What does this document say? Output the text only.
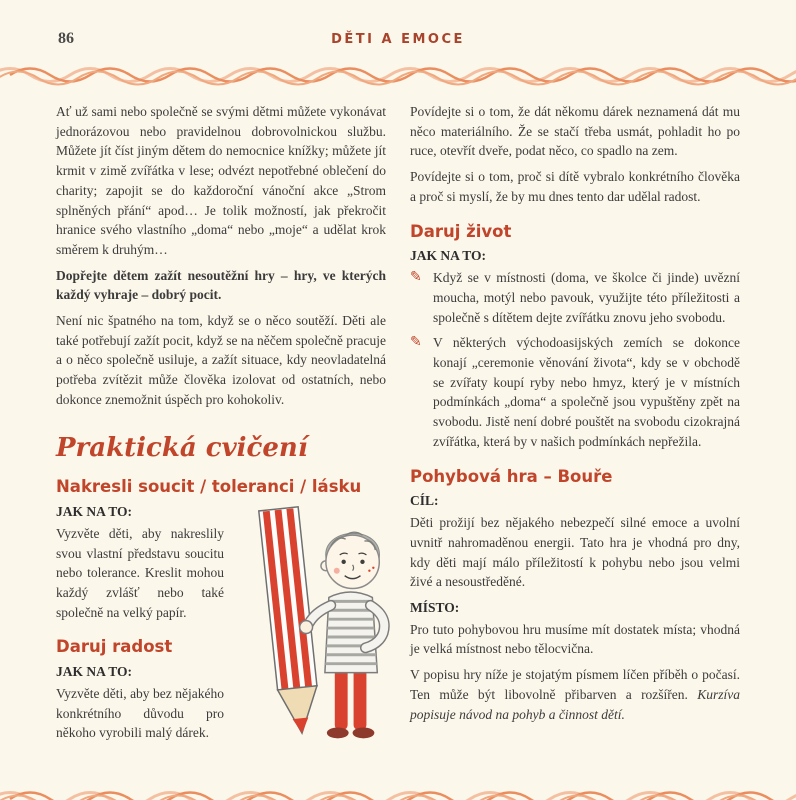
86	DĚTI A EMOCE

Ať už sami nebo společně se svými dětmi můžete vykonávat jednorázovou nebo pravidelnou dobrovolnickou službu. Můžete jít číst jiným dětem do nemocnice knížky; můžete jít krmit v zimě zvířátka v lese; odvézt nepotřebné oblečení do charity; zapojit se do každoroční vánoční akce „Strom splněných přání“ apod… Je tolik možností, jak překročit hranice svého vlastního „doma“ nebo „moje“ a udělat krok směrem k druhým…

Dopřejte dětem zažít nesoutěžní hry – hry, ve kterých každý vyhraje – dobrý pocit.

Není nic špatného na tom, když se o něco soutěží. Děti ale také potřebují zažít pocit, když se na něčem společně pracuje a o něco společně usiluje, a zažít situace, kdy neovladatelná potřeba zvítězit může člověka izolovat od ostatních, nebo dokonce znemožnit úspěch pro kohokoliv.

Praktická cvičení
Nakresli soucit / toleranci / lásku
JAK NA TO:

Vyzvěte děti, aby nakreslily svou vlastní představu soucitu nebo tolerance. Kreslit mohou každý zvlášť nebo také společně na velký papír.

Daruj radost
JAK NA TO:

Vyzvěte děti, aby bez nějakého konkrétního důvodu pro někoho vyrobili malý dárek.

Povídejte si o tom, že dát někomu dárek neznamená dát mu něco materiálního. Že se stačí třeba usmát, pohladit ho po ruce, otevřít dveře, podat něco, co spadlo na zem.

Povídejte si o tom, proč si dítě vybralo konkrétního člověka a proč si myslí, že by mu dnes tento dar udělal radost.

Daruj život
JAK NA TO:
✎ Když se v místnosti (doma, ve školce či jinde) uvězní moucha, motýl nebo pavouk, využijte této příležitosti a společně s dítětem dejte zvířátku znovu jeho svobodu.
✎ V některých východoasijských zemích se dokonce konají „ceremonie věnování života“, kdy se v obchodě se zvířaty koupí ryby nebo hmyz, který je v místních podmínkách „doma“ a společně jsou vypuštěny zpět na svobodu. Jistě není dobré pouštět na svobodu cizokrajná zvířátka, která by v našich podmínkách nepřežila.
Pohybová hra – Bouře
CÍL:

Děti prožijí bez nějakého nebezpečí silné emoce a uvolní uvnitř nahromaděnou energii. Tato hra je vhodná pro dny, kdy děti mají málo příležitostí k pohybu nebo jsou velmi živé a nesoustředěné.

MÍSTO:

Pro tuto pohybovou hru musíme mít dostatek místa; vhodná je velká místnost nebo tělocvična.

V popisu hry níže je stojatým písmem líčen příběh o počasí. Ten může být libovolně přibarven a rozšířen. Kurzíva popisuje návod na pohyb a činnost dětí.
